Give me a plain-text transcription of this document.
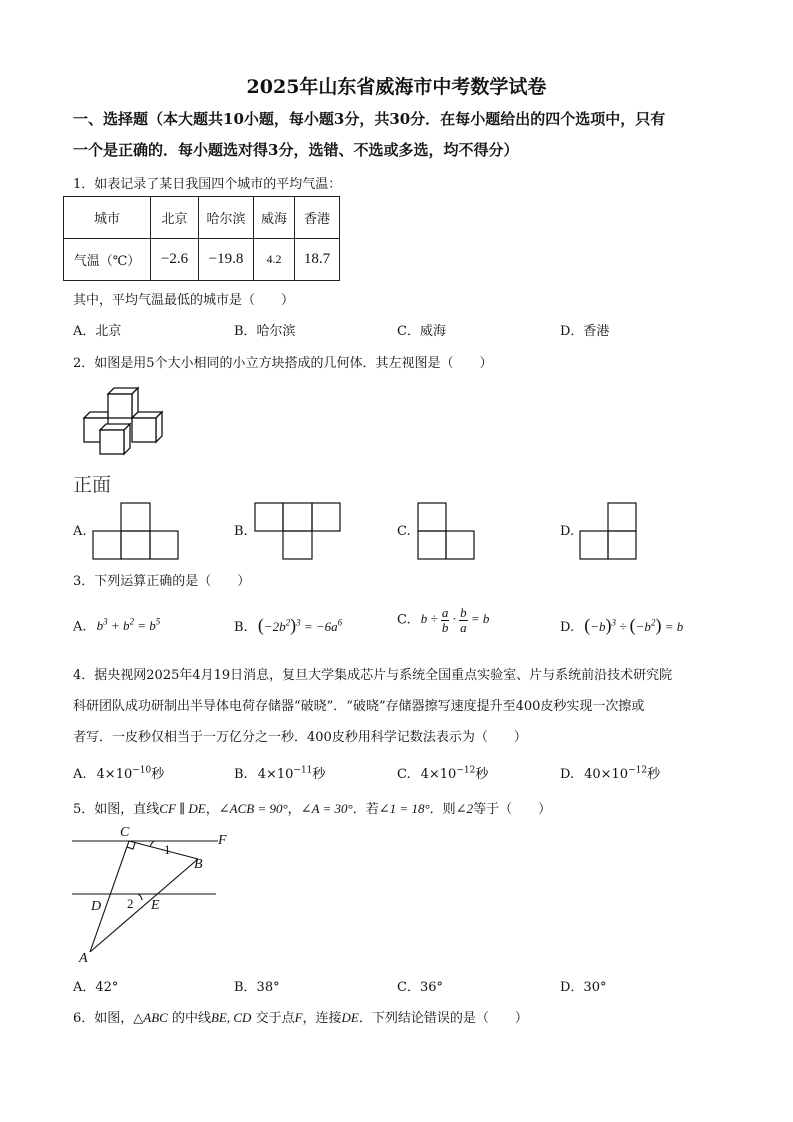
2025年山东省威海市中考数学试卷
一、选择题（本大题共10小题，每小题3分，共30分．在每小题给出的四个选项中，只有
一个是正确的．每小题选对得3分，选错、不选或多选，均不得分）
1．如表记录了某日我国四个城市的平均气温：
城市	北京	哈尔滨	威海	香港
气温（℃）	−2.6	−19.8	4.2	18.7
其中，平均气温最低的城市是（　　）
A．北京	B．哈尔滨	C．威海	D．香港
2．如图是用5个大小相同的小立方块搭成的几何体．其左视图是（　　）
正面
A.	B.	C.	D.
3．下列运算正确的是（　　）
A. $b^3 + b^2 = b^5$	B. $(-2b^2)^3 = -6a^6$	C. $b \div \frac{a}{b} \cdot \frac{b}{a} = b$
D. $(-b)^3 \div (-b^2) = b$
4．据央视网2025年4月19日消息，复旦大学集成芯片与系统全国重点实验室、片与系统前沿技术研究院
科研团队成功研制出半导体电荷存储器“破晓”．“破晓”存储器擦写速度提升至400皮秒实现一次擦或
者写．一皮秒仅相当于一万亿分之一秒．400皮秒用科学记数法表示为（　　）
A. $4\times 10^{-10}$秒	B. $4\times 10^{-11}$秒	C. $4\times 10^{-12}$秒	D. $40\times 10^{-12}$秒
5．如图，直线CF ∥ DE，∠ACB = 90°，∠A = 30°．若∠1 = 18°．则∠2等于（　　）
C
F
B
D	E
A
1
2
A．42°	B．38°	C．36°	D．30°
6．如图，△ABC 的中线BE, CD 交于点F，连接DE．下列结论错误的是（　　）
